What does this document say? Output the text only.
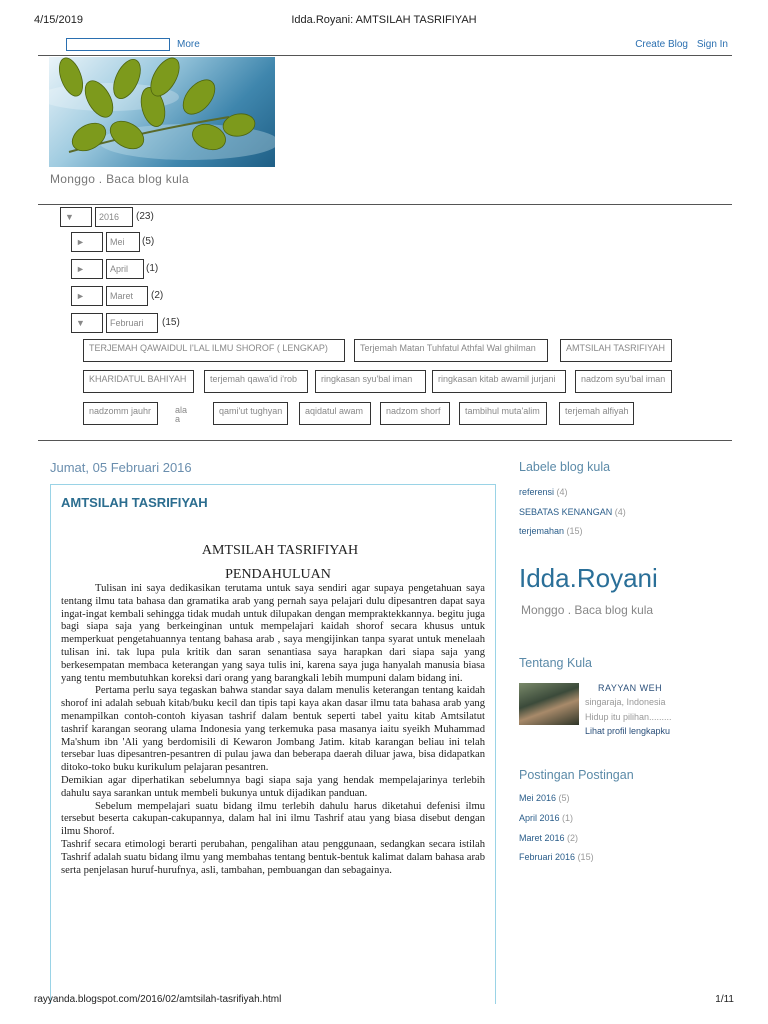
4/15/2019	Idda.Royani: AMTSILAH TASRIFIYAH
More	Create Blog Sign In
Monggo . Baca blog kula
▼	2016	(23)
►	Mei	(5)
►	April	(1)
►	Maret	(2)
▼	Februari	(15)
TERJEMAH QAWAIDUL I'LAL ILMU SHOROF ( LENGKAP)	Terjemah Matan Tuhfatul Athfal Wal ghilman	AMTSILAH TASRIFIYAH
KHARIDATUL BAHIYAH	terjemah qawa'id i'rob	ringkasan syu'bal iman	ringkasan kitab awamil jurjani	nadzom syu'bal iman
nadzomm jauhr	ala a
qami'ut tughyan	aqidatul awam	nadzom shorf	tambihul muta'alim	terjemah alfiyah
Jumat, 05 Februari 2016
AMTSILAH TASRIFIYAH
AMTSILAH TASRIFIYAH
PENDAHULUAN

Tulisan ini saya dedikasikan terutama untuk saya sendiri agar supaya pengetahuan saya tentang ilmu tata bahasa dan gramatika arab yang pernah saya pelajari dulu dipesantren dapat saya ingat-ingat kembali sehingga tidak mudah untuk dilupakan dengan mempraktekkannya. begitu juga bagi siapa saja yang berkeinginan untuk mempelajari kaidah shorof secara khusus untuk memperkuat pengetahuannya tentang bahasa arab , saya mengijinkan tanpa syarat untuk menelaah tulisan ini. tak lupa pula kritik dan saran senantiasa saya harapkan dari siapa saja yang berkesempatan membaca keterangan yang saya tulis ini, karena saya juga hanyalah manusia biasa yang tentu membutuhkan koreksi dari orang yang barangkali lebih mumpuni dalam bidang ini.

Pertama perlu saya tegaskan bahwa standar saya dalam menulis keterangan tentang kaidah shorof ini adalah sebuah kitab/buku kecil dan tipis tapi kaya akan dasar ilmu tata bahasa arab yang menampilkan contoh-contoh kiyasan tashrif dalam bentuk seperti tabel yaitu kitab Amtsilatut tashrif karangan seorang ulama Indonesia yang terkemuka pasa masanya iaitu syeikh Muhammad Ma'shum ibn 'Ali yang berdomisili di Kewaron Jombang Jatim. kitab karangan beliau ini telah tersebar luas dipesantren-pesantren di pulau jawa dan beberapa daerah diluar jawa, bisa didapatkan ditoko-toko buku kurikulum pelajaran pesantren.

Demikian agar diperhatikan sebelumnya bagi siapa saja yang hendak mempelajarinya terlebih dahulu saya sarankan untuk membeli bukunya untuk dijadikan panduan.

Sebelum mempelajari suatu bidang ilmu terlebih dahulu harus diketahui defenisi ilmu tersebut beserta cakupan-cakupannya, dalam hal ini ilmu Tashrif atau yang biasa disebut dengan ilmu Shorof.

Tashrif secara etimologi berarti perubahan, pengalihan atau penggunaan, sedangkan secara istilah Tashrif adalah suatu bidang ilmu yang membahas tentang bentuk-bentuk kalimat dalam bahasa arab serta penjelasan huruf-hurufnya, asli, tambahan, pembuangan dan sebagainya.

Labele blog kula
referensi (4)
SEBATAS KENANGAN (4)
terjemahan (15)
Idda.Royani
Monggo . Baca blog kula
Tentang Kula
RAYYAN WEH
singaraja, Indonesia
Hidup itu pilihan.........
Lihat profil lengkapku
Postingan Postingan
Mei 2016 (5)
April 2016 (1)
Maret 2016 (2)
Februari 2016 (15)
rayyanda.blogspot.com/2016/02/amtsilah-tasrifiyah.html	1/11
